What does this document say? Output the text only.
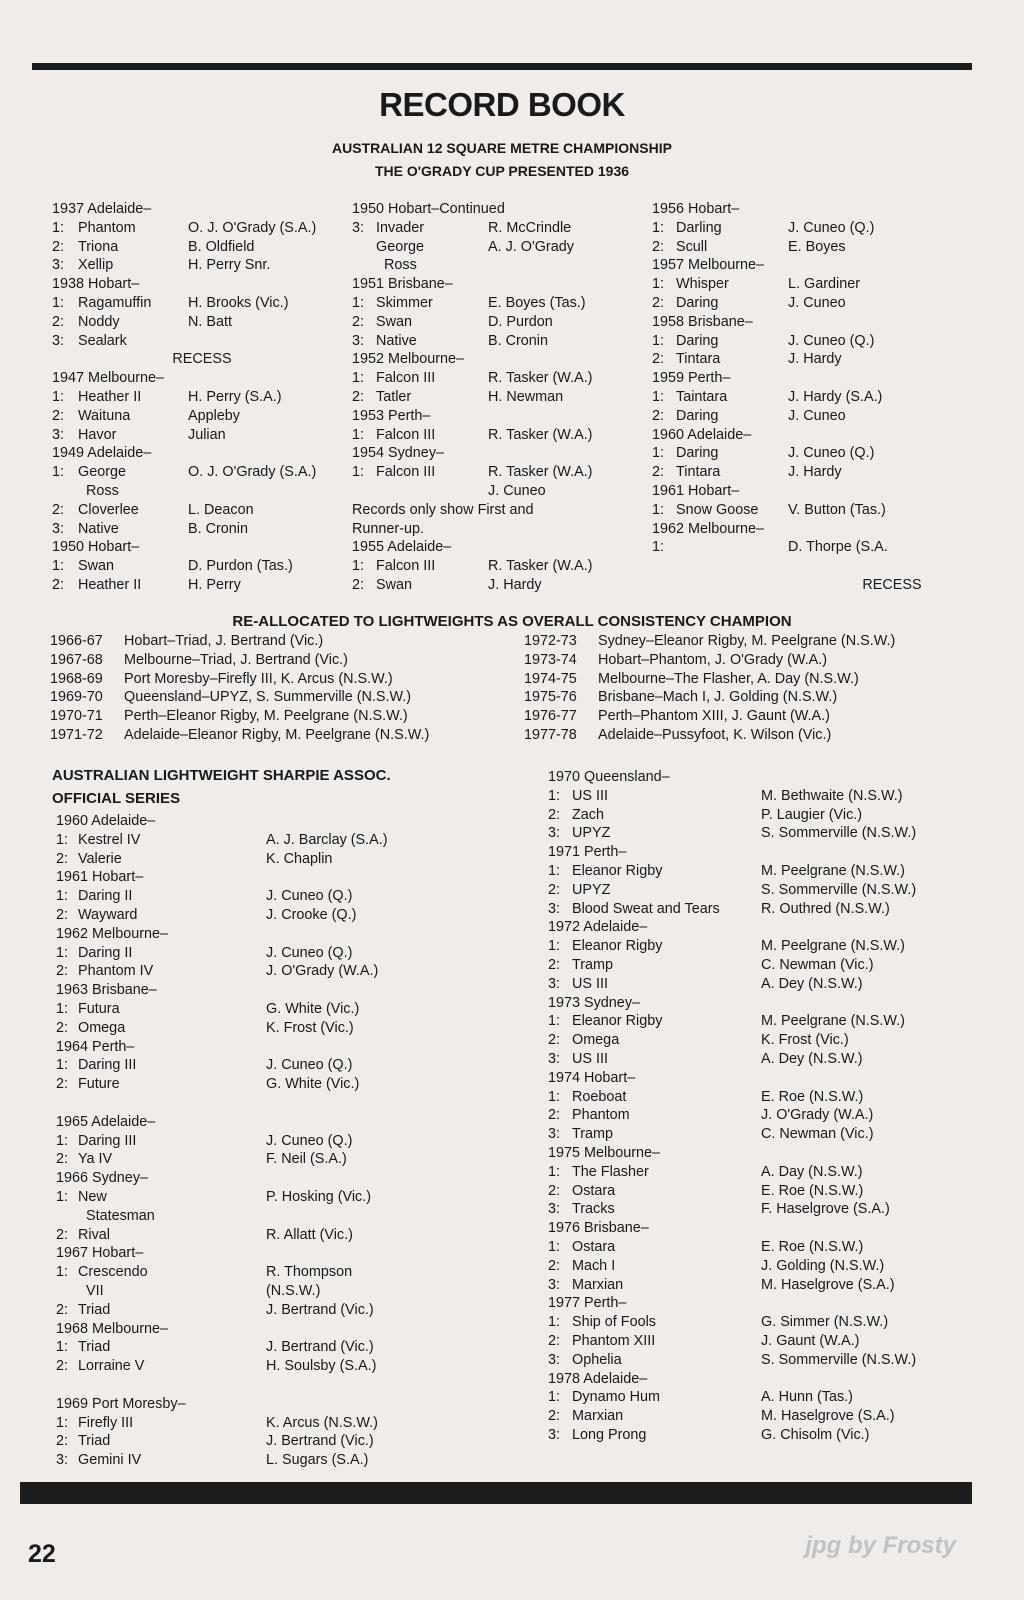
RECORD BOOK
AUSTRALIAN 12 SQUARE METRE CHAMPIONSHIP
THE O'GRADY CUP PRESENTED 1936
1937 Adelaide–
1: Phantom	O. J. O'Grady (S.A.)
2: Triona	B. Oldfield
3: Xellip	H. Perry Snr.
1938 Hobart–
1: Ragamuffin	H. Brooks (Vic.)
2: Noddy	N. Batt
3: Sealark
RECESS
1947 Melbourne–
1: Heather II	H. Perry (S.A.)
2: Waituna	Appleby
3: Havor	Julian
1949 Adelaide–
1: George	O. J. O'Grady (S.A.)
Ross
2: Cloverlee	L. Deacon
3: Native	B. Cronin
1950 Hobart–
1: Swan	D. Purdon (Tas.)
2: Heather II	H. Perry
1950 Hobart–Continued
3: Invader	R. McCrindle
George	A. J. O'Grady
Ross
1951 Brisbane–
1: Skimmer	E. Boyes (Tas.)
2: Swan	D. Purdon
3: Native	B. Cronin
1952 Melbourne–
1: Falcon III	R. Tasker (W.A.)
2: Tatler	H. Newman
1953 Perth–
1: Falcon III	R. Tasker (W.A.)
1954 Sydney–
1: Falcon III	R. Tasker (W.A.)
J. Cuneo
Records only show First and
Runner-up.
1955 Adelaide–
1: Falcon III	R. Tasker (W.A.)
2: Swan	J. Hardy
1956 Hobart–
1: Darling	J. Cuneo (Q.)
2: Scull	E. Boyes
1957 Melbourne–
1: Whisper	L. Gardiner
2: Daring	J. Cuneo
1958 Brisbane–
1: Daring	J. Cuneo (Q.)
2: Tintara	J. Hardy
1959 Perth–
1: Taintara	J. Hardy (S.A.)
2: Daring	J. Cuneo
1960 Adelaide–
1: Daring	J. Cuneo (Q.)
2: Tintara	J. Hardy
1961 Hobart–
1: Snow Goose V. Button (Tas.)
1962 Melbourne–
1:	D. Thorpe (S.A.
RECESS
RE-ALLOCATED TO LIGHTWEIGHTS AS OVERALL CONSISTENCY CHAMPION
1966-67 Hobart–Triad, J. Bertrand (Vic.)
1967-68 Melbourne–Triad, J. Bertrand (Vic.)
1968-69 Port Moresby–Firefly III, K. Arcus (N.S.W.)
1969-70 Queensland–UPYZ, S. Summerville (N.S.W.)
1970-71 Perth–Eleanor Rigby, M. Peelgrane (N.S.W.)
1971-72 Adelaide–Eleanor Rigby, M. Peelgrane (N.S.W.)
1972-73 Sydney–Eleanor Rigby, M. Peelgrane (N.S.W.)
1973-74 Hobart–Phantom, J. O'Grady (W.A.)
1974-75 Melbourne–The Flasher, A. Day (N.S.W.)
1975-76 Brisbane–Mach I, J. Golding (N.S.W.)
1976-77 Perth–Phantom XIII, J. Gaunt (W.A.)
1977-78 Adelaide–Pussyfoot, K. Wilson (Vic.)
AUSTRALIAN LIGHTWEIGHT SHARPIE ASSOC.
OFFICIAL SERIES
1960 Adelaide–
1: Kestrel IV	A. J. Barclay (S.A.)
2: Valerie	K. Chaplin
1961 Hobart–
1: Daring II	J. Cuneo (Q.)
2: Wayward	J. Crooke (Q.)
1962 Melbourne–
1: Daring II	J. Cuneo (Q.)
2: Phantom IV	J. O'Grady (W.A.)
1963 Brisbane–
1: Futura	G. White (Vic.)
2: Omega	K. Frost (Vic.)
1964 Perth–
1: Daring III	J. Cuneo (Q.)
2: Future	G. White (Vic.)
1965 Adelaide–
1: Daring III	J. Cuneo (Q.)
2: Ya IV	F. Neil (S.A.)
1966 Sydney–
1: New	P. Hosking (Vic.)
Statesman
2: Rival	R. Allatt (Vic.)
1967 Hobart–
1: Crescendo	R. Thompson
VII	(N.S.W.)
2: Triad	J. Bertrand (Vic.)
1968 Melbourne–
1: Triad	J. Bertrand (Vic.)
2: Lorraine V	H. Soulsby (S.A.)
1969 Port Moresby–
1: Firefly III	K. Arcus (N.S.W.)
2: Triad	J. Bertrand (Vic.)
3: Gemini IV	L. Sugars (S.A.)
1970 Queensland–
1: US III	M. Bethwaite (N.S.W.)
2: Zach	P. Laugier (Vic.)
3: UPYZ	S. Sommerville (N.S.W.)
1971 Perth–
1: Eleanor Rigby	M. Peelgrane (N.S.W.)
2: UPYZ	S. Sommerville (N.S.W.)
3: Blood Sweat and Tears	R. Outhred (N.S.W.)
1972 Adelaide–
1: Eleanor Rigby	M. Peelgrane (N.S.W.)
2: Tramp	C. Newman (Vic.)
3: US III	A. Dey (N.S.W.)
1973 Sydney–
1: Eleanor Rigby	M. Peelgrane (N.S.W.)
2: Omega	K. Frost (Vic.)
3: US III	A. Dey (N.S.W.)
1974 Hobart–
1: Roeboat	E. Roe (N.S.W.)
2: Phantom	J. O'Grady (W.A.)
3: Tramp	C. Newman (Vic.)
1975 Melbourne–
1: The Flasher	A. Day (N.S.W.)
2: Ostara	E. Roe (N.S.W.)
3: Tracks	F. Haselgrove (S.A.)
1976 Brisbane–
1: Ostara	E. Roe (N.S.W.)
2: Mach I	J. Golding (N.S.W.)
3: Marxian	M. Haselgrove (S.A.)
1977 Perth–
1: Ship of Fools	G. Simmer (N.S.W.)
2: Phantom XIII	J. Gaunt (W.A.)
3: Ophelia	S. Sommerville (N.S.W.)
1978 Adelaide–
1: Dynamo Hum	A. Hunn (Tas.)
2: Marxian	M. Haselgrove (S.A.)
3: Long Prong	G. Chisolm (Vic.)
22	jpg by Frosty
